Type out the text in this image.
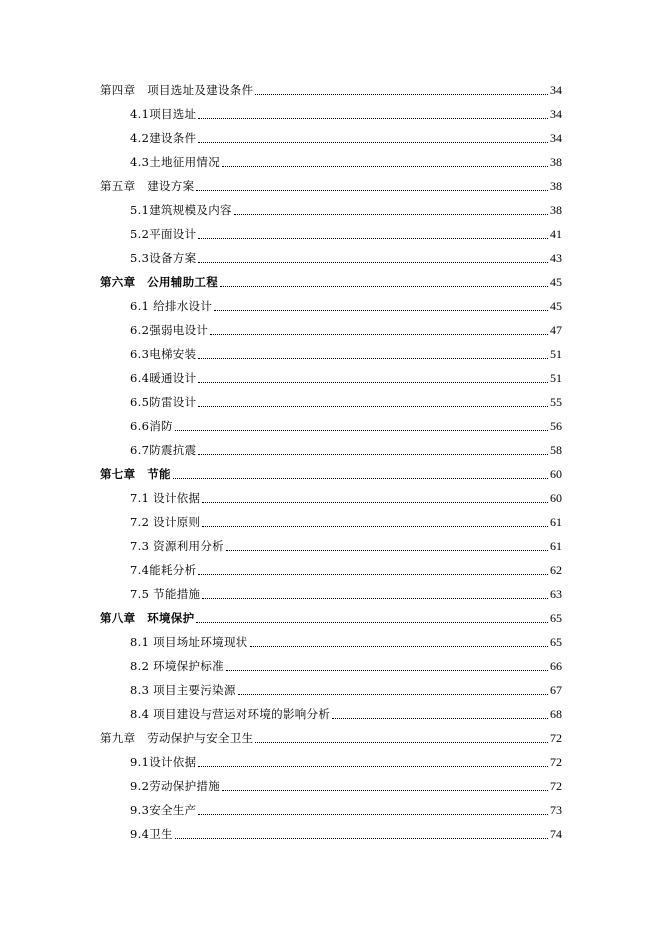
第四章　项目选址及建设条件	34
4.1项目选址	34
4.2建设条件	34
4.3土地征用情况	38
第五章　建设方案	38
5.1建筑规模及内容	38
5.2平面设计	41
5.3设备方案	43
第六章　公用辅助工程	45
6.1 给排水设计	45
6.2强弱电设计	47
6.3电梯安装	51
6.4暖通设计	51
6.5防雷设计	55
6.6消防	56
6.7防震抗震	58
第七章　节能	60
7.1 设计依据	60
7.2 设计原则	61
7.3 资源利用分析	61
7.4能耗分析	62
7.5 节能措施	63
第八章　环境保护	65
8.1 项目场址环境现状	65
8.2 环境保护标准	66
8.3 项目主要污染源	67
8.4 项目建设与营运对环境的影响分析	68
第九章　劳动保护与安全卫生	72
9.1设计依据	72
9.2劳动保护措施	72
9.3安全生产	73
9.4卫生	74
